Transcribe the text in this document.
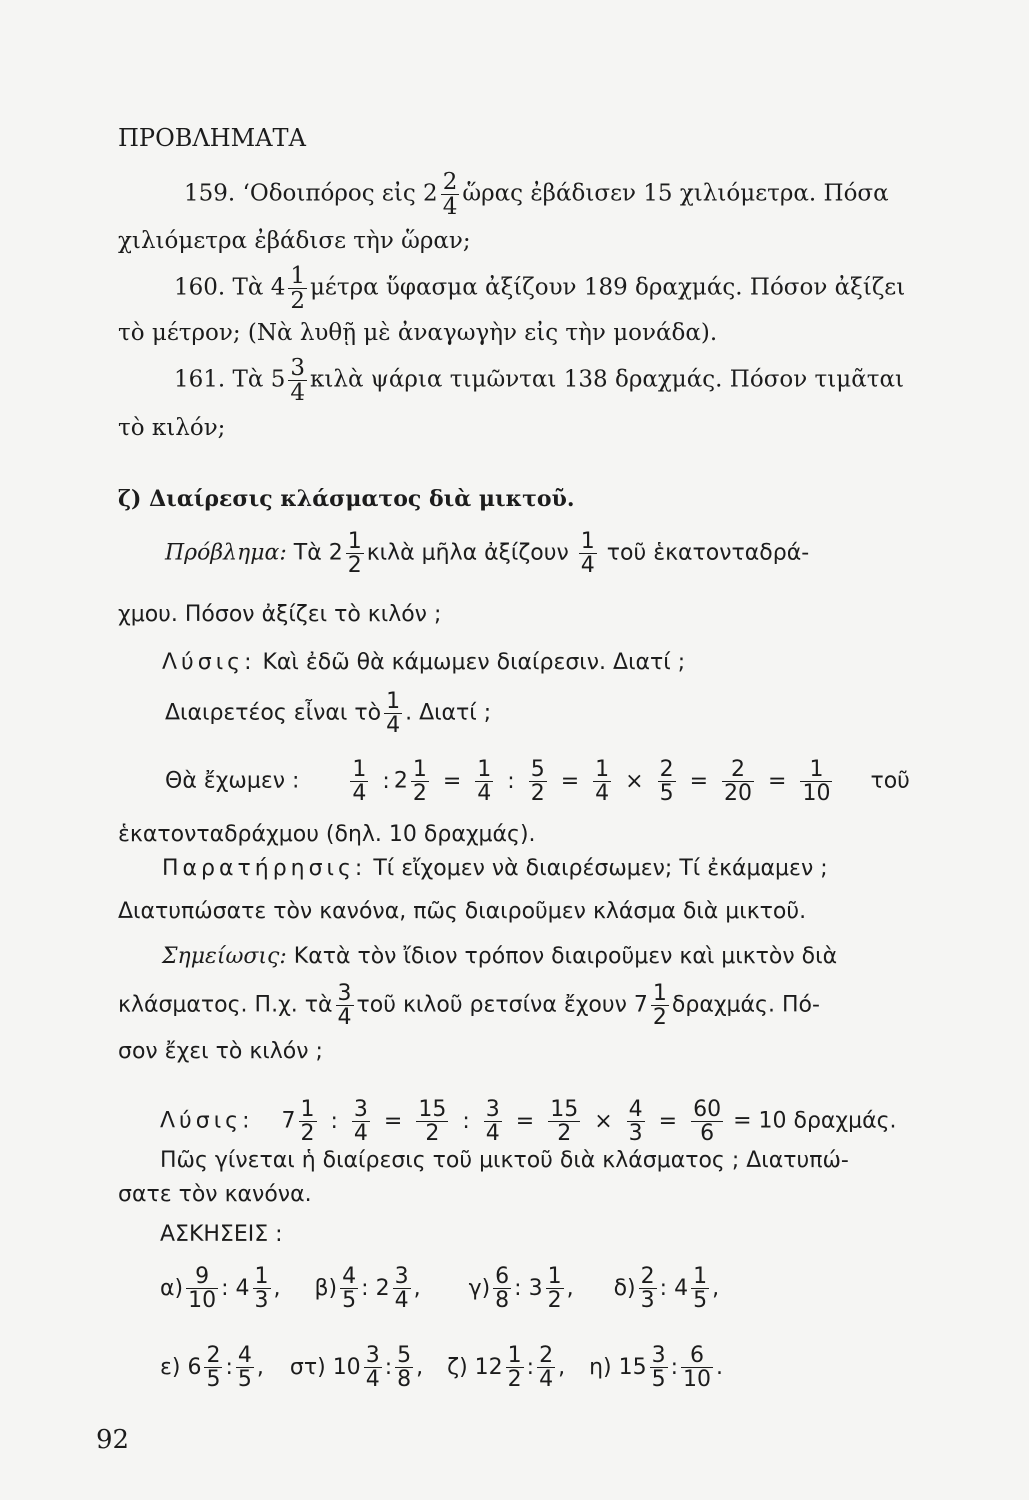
ΠΡΟΒΛΗΜΑΤΑ
159. ‘Οδοιπόρος εἰς $2 \frac{2}{4}$ ὥρας ἐβάδισεν 15 χιλιόμετρα. Πόσα
χιλιόμετρα ἐβάδισε τὴν ὥραν;
160. Τὰ $4 \frac{1}{2}$ μέτρα ὕφασμα ἀξίζουν 189 δραχμάς. Πόσον ἀξίζει
τὸ μέτρον; (Νὰ λυθῇ μὲ ἀναγωγὴν εἰς τὴν μονάδα).
161. Τὰ $5 \frac{3}{4}$ κιλὰ ψάρια τιμῶνται 138 δραχμάς. Πόσον τιμᾶται
τὸ κιλόν;
ζ) Διαίρεσις κλάσματος διὰ μικτοῦ.
Πρόβλημα: Τὰ $2 \frac{1}{2}$ κιλὰ μῆλα ἀξίζουν $\frac{1}{4}$ τοῦ ἑκατονταδρά-
χμου. Πόσον ἀξίζει τὸ κιλόν ;
Λύσις: Καὶ ἐδῶ θὰ κάμωμεν διαίρεσιν. Διατί ;
Διαιρετέος εἶναι τὸ $\frac{1}{4}$ . Διατί ;
Θὰ ἔχωμεν : $\frac{1}{4}$ : $2 \frac{1}{2} = \frac{1}{4}$ : $\frac{5}{2} = \frac{1}{4} \times \frac{2}{5} = \frac{2}{20} = \frac{1}{10}$ τοῦ
ἑκατονταδράχμου (δηλ. 10 δραχμάς).
Παρατήρησις: Τί εἴχομεν νὰ διαιρέσωμεν; Τί ἐκάμαμεν ;
Διατυπώσατε τὸν κανόνα, πῶς διαιροῦμεν κλάσμα διὰ μικτοῦ.
Σημείωσις: Κατὰ τὸν ἴδιον τρόπον διαιροῦμεν καὶ μικτὸν διὰ
κλάσματος. Π.χ. τὰ $\frac{3}{4}$ τοῦ κιλοῦ ρετσίνα ἔχουν $7 \frac{1}{2} \delta\rho\alpha\chi\mu ά\varsigma$. Πό-
σον ἔχει τὸ κιλόν ;
Λύσις: $7 \frac{1}{2}$ : $\frac{3}{4} = \frac{15}{2}$ : $\frac{3}{4} = \frac{15}{2} \times \frac{4}{3} = \frac{60}{6} = 10$ δραχμάς.
Πῶς γίνεται ἡ διαίρεσις τοῦ μικτοῦ διὰ κλάσματος ; Διατυπώ-
σατε τὸν κανόνα.
ΑΣΚΗΣΕΙΣ :
$\alpha) \frac{9}{10}$ : $4 \frac{1}{3}$ , $\beta) \frac{4}{5}$ : $2 \frac{3}{4}$ , $\gamma) \frac{6}{8}$ : $3 \frac{1}{2}$ , $\delta) \frac{2}{3}$ : $4 \frac{1}{5}$ ,
ε) $6 \frac{2}{5}$ : $\frac{4}{5}$ , στ) $10 \frac{3}{4}$ : $\frac{5}{8}$ , ζ) $12 \frac{1}{2}$ : $\frac{2}{4}$ , η) $15 \frac{3}{5}$ : $\frac{6}{10}$ .
92
